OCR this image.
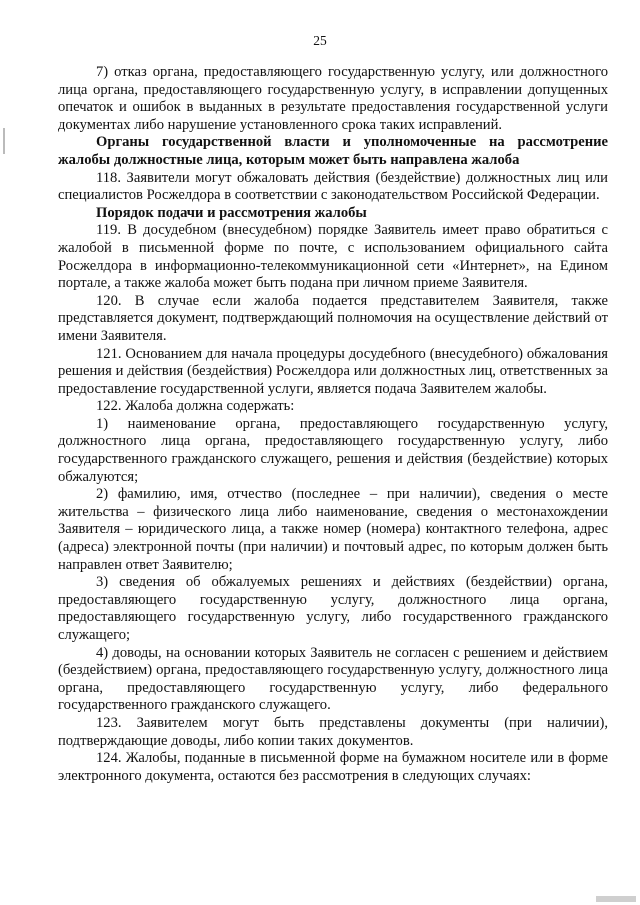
25

7) отказ органа, предоставляющего государственную услугу, или должностного лица органа, предоставляющего государственную услугу, в исправлении допущенных опечаток и ошибок в выданных в результате предоставления государственной услуги документах либо нарушение установленного срока таких исправлений.

Органы государственной власти и уполномоченные на рассмотрение жалобы должностные лица, которым может быть направлена жалоба

118. Заявители могут обжаловать действия (бездействие) должностных лиц или специалистов Росжелдора в соответствии с законодательством Российской Федерации.

Порядок подачи и рассмотрения жалобы

119. В досудебном (внесудебном) порядке Заявитель имеет право обратиться с жалобой в письменной форме по почте, с использованием официального сайта Росжелдора в информационно-телекоммуникационной сети «Интернет», на Едином портале, а также жалоба может быть подана при личном приеме Заявителя.

120. В случае если жалоба подается представителем Заявителя, также представляется документ, подтверждающий полномочия на осуществление действий от имени Заявителя.

121. Основанием для начала процедуры досудебного (внесудебного) обжалования решения и действия (бездействия) Росжелдора или должностных лиц, ответственных за предоставление государственной услуги, является подача Заявителем жалобы.

122. Жалоба должна содержать:

1) наименование органа, предоставляющего государственную услугу, должностного лица органа, предоставляющего государственную услугу, либо государственного гражданского служащего, решения и действия (бездействие) которых обжалуются;

2) фамилию, имя, отчество (последнее – при наличии), сведения о месте жительства – физического лица либо наименование, сведения о местонахождении Заявителя – юридического лица, а также номер (номера) контактного телефона, адрес (адреса) электронной почты (при наличии) и почтовый адрес, по которым должен быть направлен ответ Заявителю;

3) сведения об обжалуемых решениях и действиях (бездействии) органа, предоставляющего государственную услугу, должностного лица органа, предоставляющего государственную услугу, либо государственного гражданского служащего;

4) доводы, на основании которых Заявитель не согласен с решением и действием (бездействием) органа, предоставляющего государственную услугу, должностного лица органа, предоставляющего государственную услугу, либо федерального государственного гражданского служащего.

123. Заявителем могут быть представлены документы (при наличии), подтверждающие доводы, либо копии таких документов.

124. Жалобы, поданные в письменной форме на бумажном носителе или в форме электронного документа, остаются без рассмотрения в следующих случаях:
